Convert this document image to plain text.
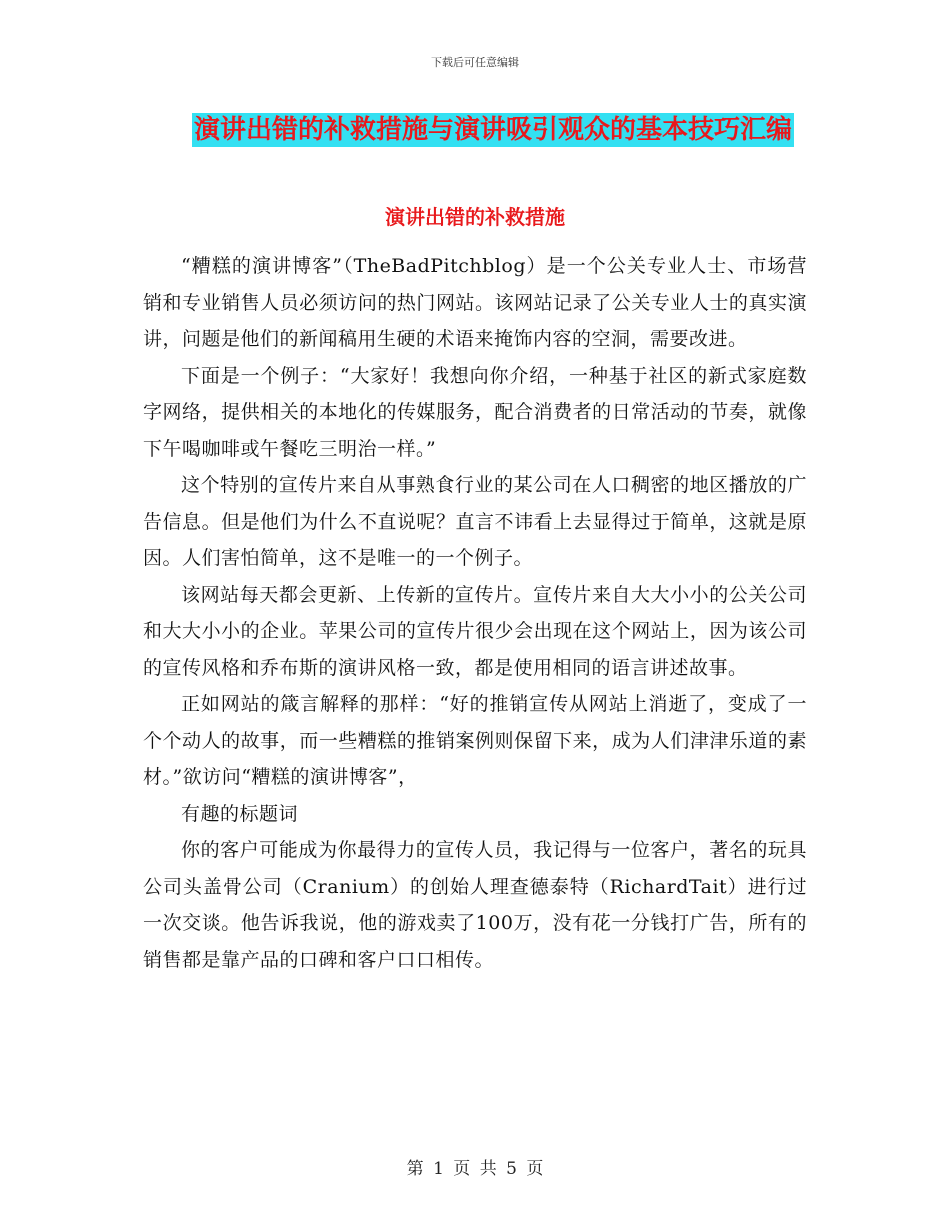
下载后可任意编辑
演讲出错的补救措施与演讲吸引观众的基本技巧汇编
演讲出错的补救措施

“糟糕的演讲博客”（TheBadPitchblog）是一个公关专业人士、市场营销和专业销售人员必须访问的热门网站。该网站记录了公关专业人士的真实演讲，问题是他们的新闻稿用生硬的术语来掩饰内容的空洞，需要改进。

下面是一个例子：“大家好！我想向你介绍，一种基于社区的新式家庭数字网络，提供相关的本地化的传媒服务，配合消费者的日常活动的节奏，就像下午喝咖啡或午餐吃三明治一样。”

这个特别的宣传片来自从事熟食行业的某公司在人口稠密的地区播放的广告信息。但是他们为什么不直说呢？直言不讳看上去显得过于简单，这就是原因。人们害怕简单，这不是唯一的一个例子。

该网站每天都会更新、上传新的宣传片。宣传片来自大大小小的公关公司和大大小小的企业。苹果公司的宣传片很少会出现在这个网站上，因为该公司的宣传风格和乔布斯的演讲风格一致，都是使用相同的语言讲述故事。

正如网站的箴言解释的那样：“好的推销宣传从网站上消逝了，变成了一个个动人的故事，而一些糟糕的推销案例则保留下来，成为人们津津乐道的素材。”欲访问“糟糕的演讲博客”，

有趣的标题词

你的客户可能成为你最得力的宣传人员，我记得与一位客户，著名的玩具公司头盖骨公司（Cranium）的创始人理查德泰特（RichardTait）进行过一次交谈。他告诉我说，他的游戏卖了100万，没有花一分钱打广告，所有的销售都是靠产品的口碑和客户口口相传。

第 1 页 共 5 页
